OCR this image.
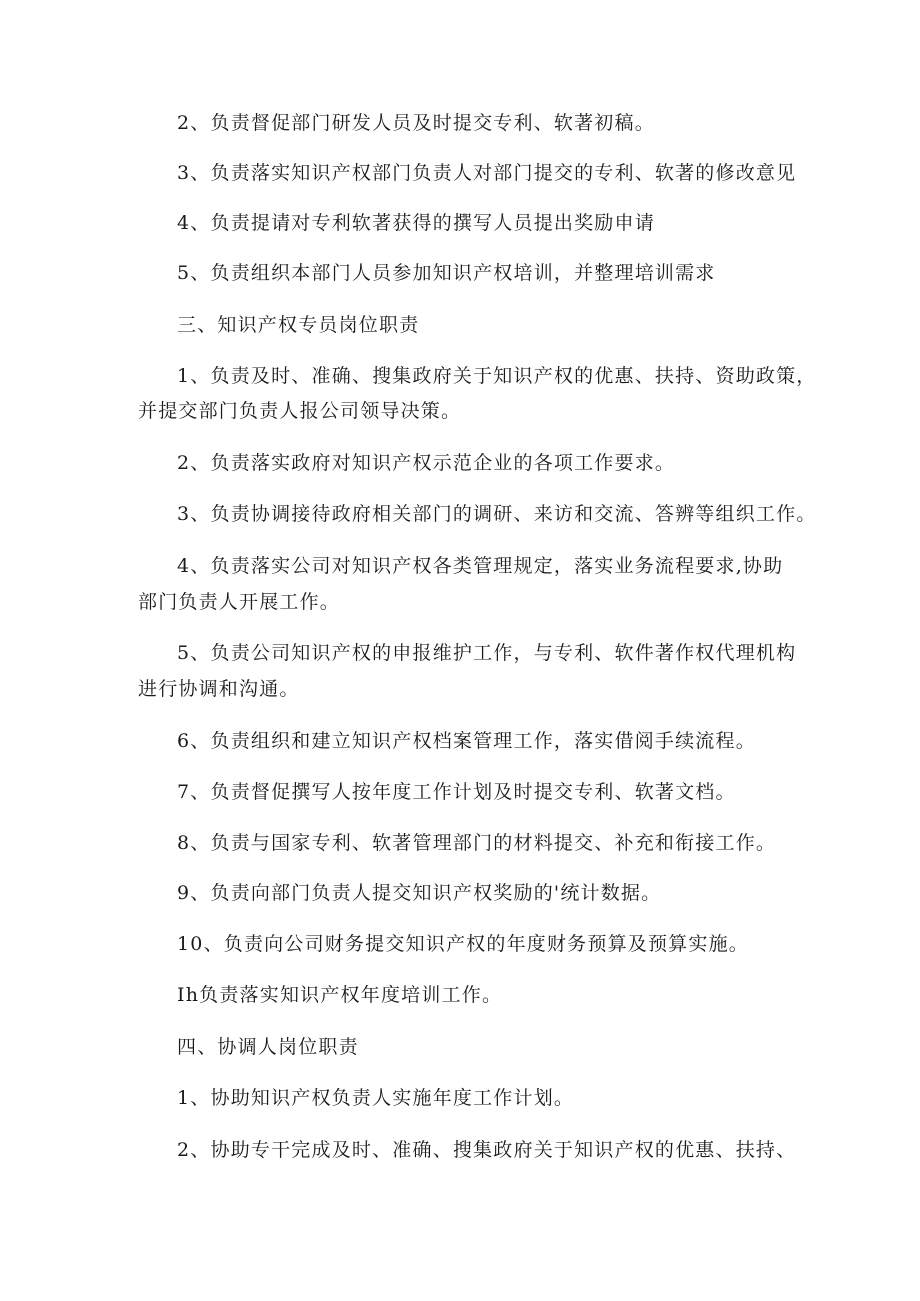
2、负责督促部门研发人员及时提交专利、软著初稿。
3、负责落实知识产权部门负责人对部门提交的专利、软著的修改意见
4、负责提请对专利软著获得的撰写人员提出奖励申请
5、负责组织本部门人员参加知识产权培训，并整理培训需求
三、知识产权专员岗位职责
1、负责及时、准确、搜集政府关于知识产权的优惠、扶持、资助政策，
并提交部门负责人报公司领导决策。
2、负责落实政府对知识产权示范企业的各项工作要求。
3、负责协调接待政府相关部门的调研、来访和交流、答辨等组织工作。
4、负责落实公司对知识产权各类管理规定，落实业务流程要求,协助
部门负责人开展工作。
5、负责公司知识产权的申报维护工作，与专利、软件著作权代理机构
进行协调和沟通。
6、负责组织和建立知识产权档案管理工作，落实借阅手续流程。
7、负责督促撰写人按年度工作计划及时提交专利、软著文档。
8、负责与国家专利、软著管理部门的材料提交、补充和衔接工作。
9、负责向部门负责人提交知识产权奖励的'统计数据。
10、负责向公司财务提交知识产权的年度财务预算及预算实施。
Ih负责落实知识产权年度培训工作。
四、协调人岗位职责
1、协助知识产权负责人实施年度工作计划。
2、协助专干完成及时、准确、搜集政府关于知识产权的优惠、扶持、
